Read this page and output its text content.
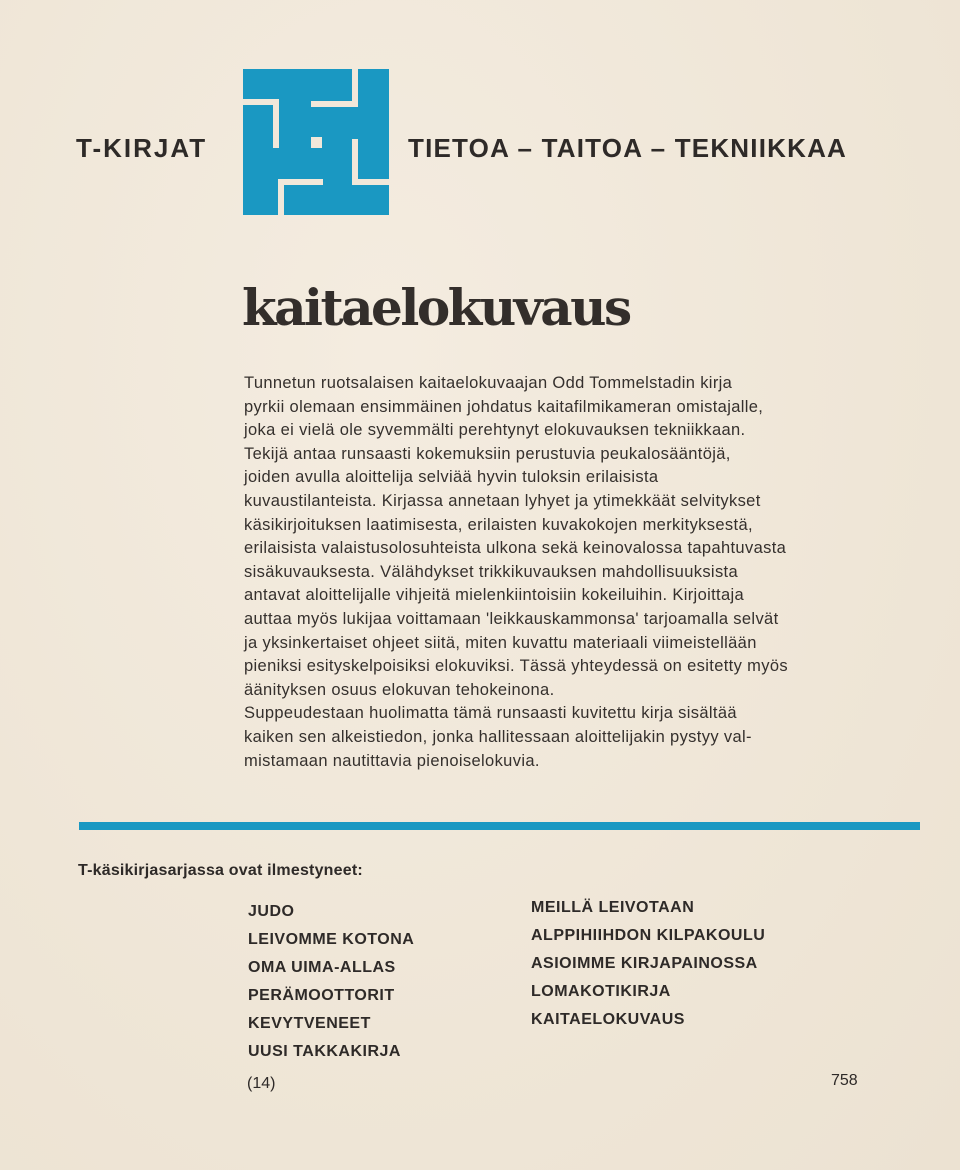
T-KIRJAT	TIETOA – TAITOA – TEKNIIKKAA
kaitaelokuvaus
Tunnetun ruotsalaisen kaitaelokuvaajan Odd Tommelstadin kirja
pyrkii olemaan ensimmäinen johdatus kaitafilmikameran omistajalle,
joka ei vielä ole syvemmälti perehtynyt elokuvauksen tekniikkaan.
Tekijä antaa runsaasti kokemuksiin perustuvia peukalosääntöjä,
joiden avulla aloittelija selviää hyvin tuloksin erilaisista
kuvaustilanteista. Kirjassa annetaan lyhyet ja ytimekkäät selvitykset
käsikirjoituksen laatimisesta, erilaisten kuvakokojen merkityksestä,
erilaisista valaistusolosuhteista ulkona sekä keinovalossa tapahtuvasta
sisäkuvauksesta. Välähdykset trikkikuvauksen mahdollisuuksista
antavat aloittelijalle vihjeitä mielenkiintoisiin kokeiluihin. Kirjoittaja
auttaa myös lukijaa voittamaan 'leikkauskammonsa' tarjoamalla selvät
ja yksinkertaiset ohjeet siitä, miten kuvattu materiaali viimeistellään
pieniksi esityskelpoisiksi elokuviksi. Tässä yhteydessä on esitetty myös
äänityksen osuus elokuvan tehokeinona.
Suppeudestaan huolimatta tämä runsaasti kuvitettu kirja sisältää
kaiken sen alkeistiedon, jonka hallitessaan aloittelijakin pystyy val-
mistamaan nautittavia pienoiselokuvia.
T-käsikirjasarjassa ovat ilmestyneet:
JUDO
LEIVOMME KOTONA
OMA UIMA-ALLAS
PERÄMOOTTORIT
KEVYTVENEET
UUSI TAKKAKIRJA
MEILLÄ LEIVOTAAN
ALPPIHIIHDON KILPAKOULU
ASIOIMME KIRJAPAINOSSA
LOMAKOTIKIRJA
KAITAELOKUVAUS
(14)	758
